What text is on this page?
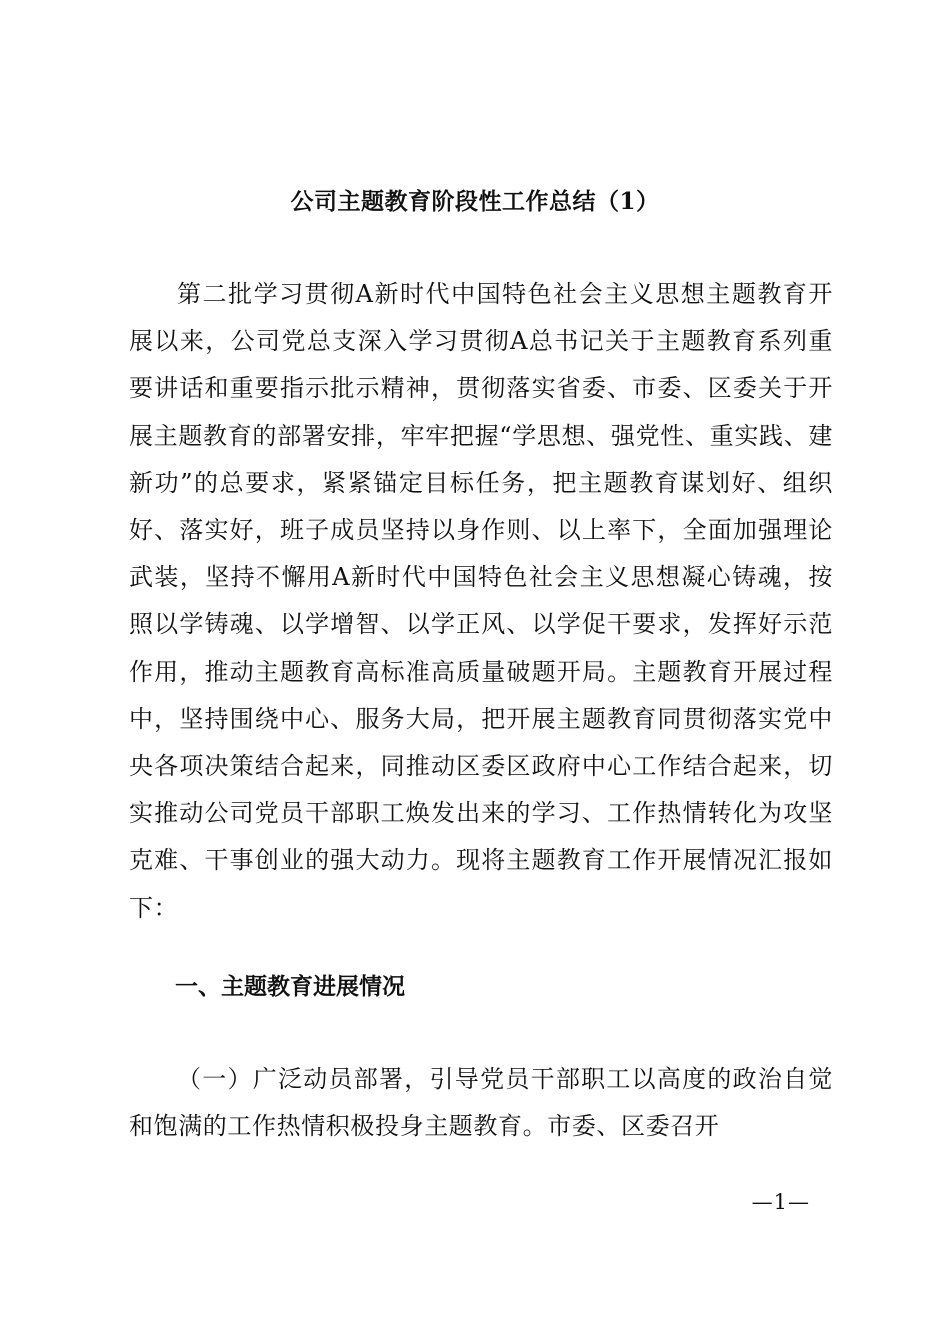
公司主题教育阶段性工作总结（1）

第二批学习贯彻A新时代中国特色社会主义思想主题教育开展以来，公司党总支深入学习贯彻A总书记关于主题教育系列重要讲话和重要指示批示精神，贯彻落实省委、市委、区委关于开展主题教育的部署安排，牢牢把握“学思想、强党性、重实践、建新功”的总要求，紧紧锚定目标任务，把主题教育谋划好、组织好、落实好，班子成员坚持以身作则、以上率下，全面加强理论武装，坚持不懈用A新时代中国特色社会主义思想凝心铸魂，按照以学铸魂、以学增智、以学正风、以学促干要求，发挥好示范作用，推动主题教育高标准高质量破题开局。主题教育开展过程中，坚持围绕中心、服务大局，把开展主题教育同贯彻落实党中央各项决策结合起来，同推动区委区政府中心工作结合起来，切实推动公司党员干部职工焕发出来的学习、工作热情转化为攻坚克难、干事创业的强大动力。现将主题教育工作开展情况汇报如下：

一、主题教育进展情况

（一）广泛动员部署，引导党员干部职工以高度的政治自觉和饱满的工作热情积极投身主题教育。市委、区委召开

—1—
